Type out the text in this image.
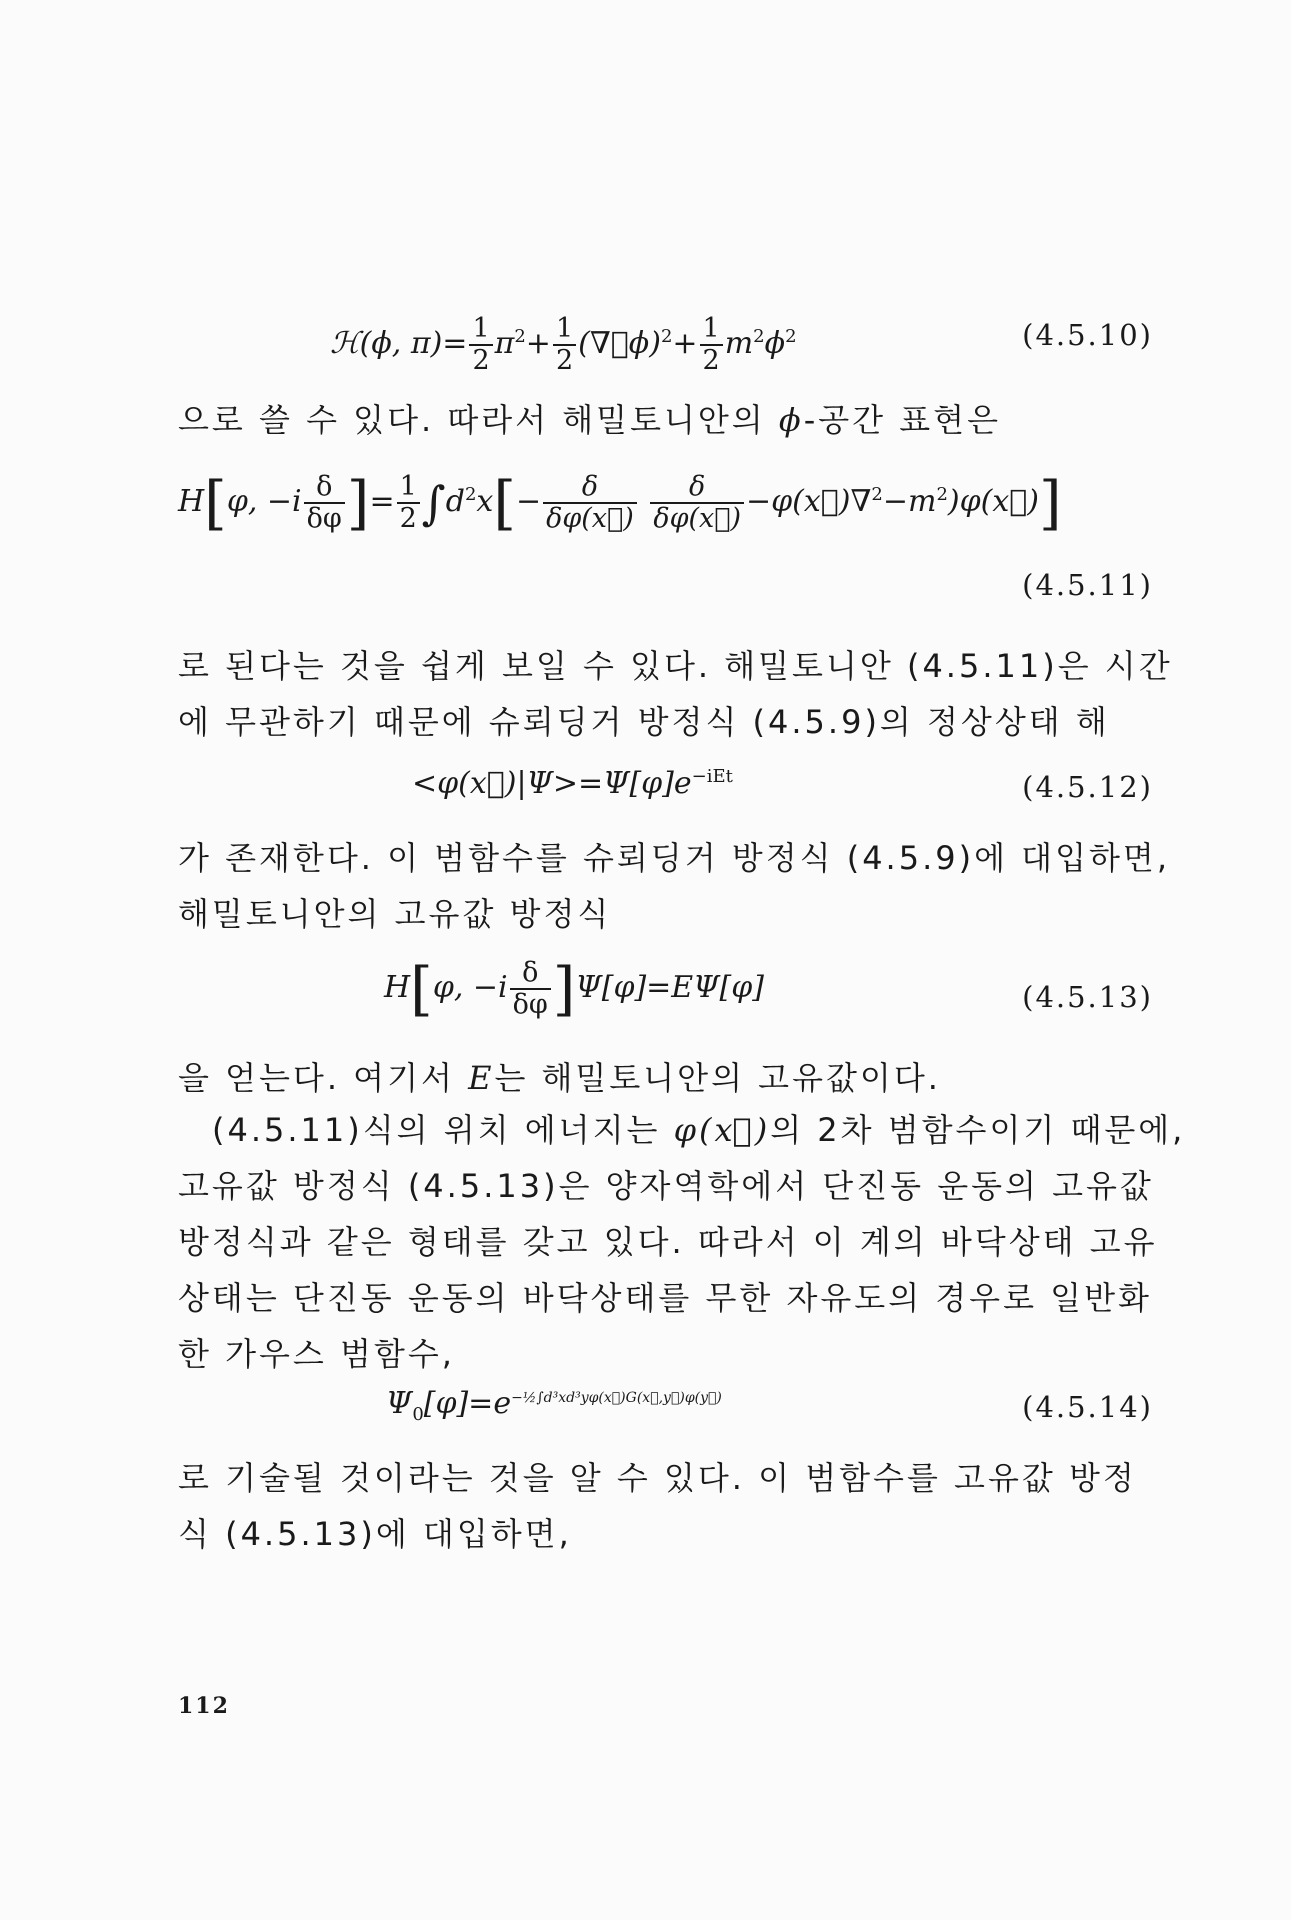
ℋ(ϕ, $\pi)= \frac{1}{2} \pi^2+ \frac{1}{2}$ (∇⃗ϕ)$^2$+ $\frac{1}{2} m^2\phi^2$	(4.5.10)
으로 쓸 수 있다. 따라서 해밀토니안의 ϕ-공간 표현은
H[φ, $-i \frac{\delta}{\delta\varphi}$ ]= $\frac{1}{2} \int d^2x[- \frac{\delta}{\delta\varphi(x⃗)}$
$\frac{\delta}{\delta\varphi(x⃗)}$ $-\varphi(x⃗)\nabla^2-m^2)\varphi(x⃗)$]
(4.5.11)
로 된다는 것을 쉽게 보일 수 있다. 해밀토니안 (4.5.11)은 시간
에 무관하기 때문에 슈뢰딩거 방정식 (4.5.9)의 정상상태 해
$<\varphi(x⃗)|\Psi>=\Psi[\varphi]e^{-iEt}$	(4.5.12)
가 존재한다. 이 범함수를 슈뢰딩거 방정식 (4.5.9)에 대입하면,
해밀토니안의 고유값 방정식
H[φ, $-i \frac{\delta}{\delta\varphi} ]\Psi[\varphi]=E\Psi[\varphi]$	(4.5.13)
을 얻는다. 여기서 E는 해밀토니안의 고유값이다.
(4.5.11)식의 위치 에너지는 φ(x⃗)의 2차 범함수이기 때문에,
고유값 방정식 (4.5.13)은 양자역학에서 단진동 운동의 고유값
방정식과 같은 형태를 갖고 있다. 따라서 이 계의 바닥상태 고유
상태는 단진동 운동의 바닥상태를 무한 자유도의 경우로 일반화
한 가우스 범함수,
$\Psi_0[\varphi]=e^{-\frac{1}{2}\int d^3xd^3y\varphi(x⃗)G(x⃗,y⃗)\varphi(y⃗)}$	(4.5.14)
로 기술될 것이라는 것을 알 수 있다. 이 범함수를 고유값 방정
식 (4.5.13)에 대입하면,
112
